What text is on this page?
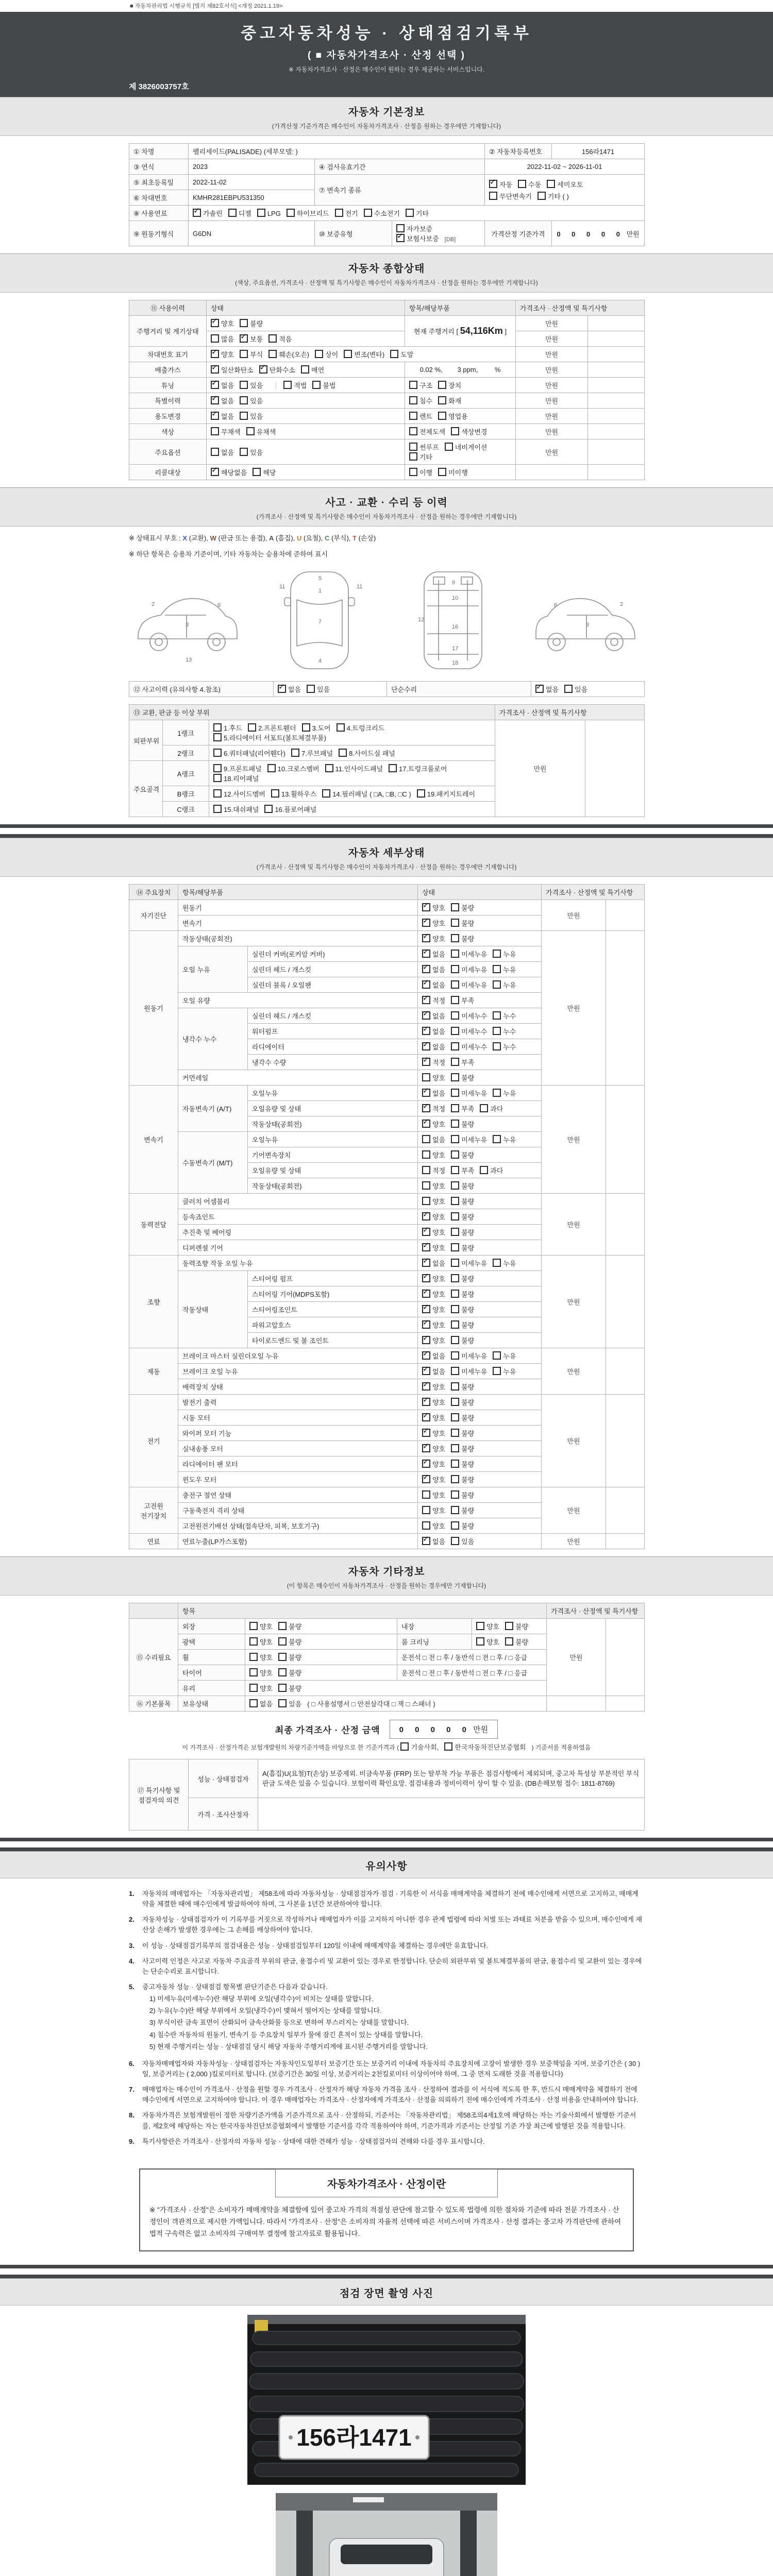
■ 자동차관리법 시행규칙 [별지 제82호서식] <개정 2021.1.19>
중고자동차성능 · 상태점검기록부
( ■ 자동차가격조사 · 산정 선택 )
※ 자동차가격조사 · 산정은 매수인이 원하는 경우 제공하는 서비스입니다.
제 3826003757호
자동차 기본정보
(가격산정 기준가격은 매수인이 자동차가격조사 · 산정을 원하는 경우에만 기재합니다)
① 차명	팰리세이드(PALISADE) (세부모델: )			② 자동차등록번호	156라1471
③ 연식	2023	④ 검사유효기간		2022-11-02 ~ 2026-11-01	
⑤ 최초등록일	2022-11-02	⑦ 변속기 종류	
✓자동 수동 세미오토
무단변속기 기타 ( )

⑥ 차대번호	KMHR281EBPU531350				
⑧ 사용연료	✓가솔린 디젤 LPG 하이브리드 전기 수소전기 기타
⑨ 원동기형식	G6DN	⑩ 보증유형	자가보증✓보험사보증 [DB]	가격산정 기준가격	0 0 0 0 0 만원
자동차 종합상태
(색상, 주요옵션, 가격조사 · 산정액 및 특기사항은 매수인이 자동차가격조사 · 산정을 원하는 경우에만 기재합니다)
⑪ 사용이력	상태	항목/해당부품	가격조사 · 산정액 및 특기사항	
주행거리 및 계기상태	✓양호 불량	현재 주행거리 [ 54,116Km ]	만원	
	많음 ✓ 보통 적음		만원	
차대번호 표기	✓양호 부식 훼손(오손) 상이 변조(변타) 도말		만원	
배출가스	✓일산화탄소 ✓ 탄화수소 매연	0.02 %,        3 ppm,         %	만원	
튜닝	✓없음 있음 적법 불법	구조 장치	만원	
특별이력	✓없음 있음	침수 화재	만원	
용도변경	✓없음 있음	렌트 영업용	만원	
색상	무채색 유채색	전체도색 색상변경	만원	
주요옵션	없음 있음	썬루프 네비게이션기타	만원	
리콜대상	✓해당없음 해당	이행 미이행		
사고 · 교환 · 수리 등 이력
(가격조사 · 산정액 및 특기사항은 매수인이 자동차가격조사 · 산정을 원하는 경우에만 기재합니다)
※ 상태표시 부호 : X (교환), W (판금 또는 용접), A (흠집), U (요철), C (부식), T (손상)
※ 하단 항목은 승용차 기준이며, 기타 자동차는 승용차에 준하여 표시
2
3
6
13
5
1
7
4
11	11
9
10
12
16
17
18
2
3
6
⑫ 사고이력 (유의사항 4.참조)	✓없음 있음	단순수리	✓없음 있음
⑬ 교환, 판금 등 이상 부위			가격조사 · 산정액 및 특기사항	
외판부위	1랭크	1.후드 2.프론트휀더 3.도어 4.트렁크리드5.라디에이터 서포트(볼트체결부품)	만원	
	2랭크	6.쿼터패널(리어휀다) 7.루브패널 8.사이드실 패널		
주요골격	A랭크	9.프론트패널 10.크로스멤버 11.인사이드패널 17.트렁크플로어18.리어패널		
	B랭크	12.사이드멤버 13.휠하우스 14.필러패널 ( □A, □B, □C ) 19.패키지트레이		
	C랭크	15.대쉬패널 16.플로어패널		
자동차 세부상태
(가격조사 · 산정액 및 특기사항은 매수인이 자동차가격조사 · 산정을 원하는 경우에만 기재합니다)
⑭ 주요장치	항목/해당부품		상태	가격조사 · 산정액 및 특기사항	
자기진단	원동기	✓양호 불량	만원	
	변속기	✓양호 불량
원동기	작동상태(공회전)	✓양호 불량	만원	
	오일 누유	실린더 커버(로커암 커버)	✓없음 미세누유 누유
		실린더 헤드 / 개스킷	✓없음 미세누유 누유
		실린더 블록 / 오일팬	✓없음 미세누유 누유
	오일 유량	✓적정 부족
	냉각수 누수	실린더 헤드 / 개스킷	✓없음 미세누수 누수
		워터펌프	✓없음 미세누수 누수
		라디에이터	✓없음 미세누수 누수
		냉각수 수량	✓적정 부족
	커먼레일		양호 불량		
변속기	자동변속기 (A/T)	오일누유	✓없음 미세누유 누유	만원	
		오일유량 및 상태	✓적정 부족 과다
		작동상태(공회전)	✓양호 불량
	수동변속기 (M/T)	오일누유	없음 미세누유 누유		
		기어변속장치	양호 불량		
		오일유량 및 상태	적정 부족 과다		
		작동상태(공회전)	양호 불량		
동력전달	클러치 어셈블리		양호 불량	만원	
	등속죠인트	✓양호 불량
	추진축 및 베어링	✓양호 불량
	디퍼렌셜 기어	✓양호 불량
조향	동력조향 작동 오일 누유	✓없음 미세누유 누유	만원	
	작동상태	스티어링 펌프	✓양호 불량
		스티어링 기어(MDPS포함)	✓양호 불량
		스티어링조인트	✓양호 불량
		파워고압호스	✓양호 불량
		타이로드엔드 및 볼 조인트	✓양호 불량
제동	브레이크 마스터 실린더오일 누유	✓없음 미세누유 누유	만원	
	브레이크 오일 누유	✓없음 미세누유 누유
	배력장치 상태	✓양호 불량
전기	발전기 출력	✓양호 불량	만원	
	시동 모터	✓양호 불량
	와이퍼 모터 기능	✓양호 불량
	실내송풍 모터	✓양호 불량
	라디에이터 팬 모터	✓양호 불량
	윈도우 모터	✓양호 불량
고전원 전기장치	충전구 절연 상태		양호 불량	만원	
	구동축전지 격리 상태		양호 불량		
	고전원전기배선 상태(접속단자, 피복, 보호기구)		양호 불량		
연료	연료누출(LP가스포함)	✓없음 있음	만원	
자동차 기타정보
(이 항목은 매수인이 자동차가격조사 · 산정을 원하는 경우에만 기재합니다)
	항목				가격조사 · 산정액 및 특기사항	
⑮ 수리필요	외장	양호 불량	내장	양호 불량	만원	
	광택	양호 불량	룸 크리닝	양호 불량		
	휠	양호 불량	운전석 □ 전 □ 후 / 동반석 □ 전 □ 후 / □ 응급			
	타이어	양호 불량	운전석 □ 전 □ 후 / 동반석 □ 전 □ 후 / □ 응급			
	유리	양호 불량				
⑯ 기본품목	보유상태	없음 있음 ( □ 사용설명서 □ 안전삼각대 □ 잭 □ 스패너 )				
최종 가격조사 · 산정 금액	0 0 0 0 0 만원
이 가격조사 · 산정가격은 보험개발원의 차량기준가액을 바탕으로 한 기준가격과 ( 기술사회, 한국자동차진단보증협회 ) 기준서를 적용하였음
⑰ 특기사항 및 점검자의 의견	성능 · 상태점검자	A(흠집)U(요철)T(손상) 보증제외. 비금속부품 (FRP) 또는 탈부착 가능 부품은 점검사항에서 제외되며, 중고차 특성상 부분적인 부식 판금 도색은 있을 수 있습니다. 보험이력 확인요망. 점검내용과 정비이력이 상이 할 수 있음. (DB손해보험 접수: 1811-8769)
	가격 · 조사산정자	
유의사항
1.	자동차의 매매업자는 「자동차관리법」 제58조에 따라 자동차성능 · 상태점검자가 점검 · 기록한 이 서식을 매매계약을 체결하기 전에 매수인에게 서면으로 고지하고, 매매계약을 체결한 때에 매수인에게 발급하여야 하며, 그 사본을 1년간 보관하여야 합니다.
2.	자동차성능 · 상태점검자가 이 기록부를 거짓으로 작성하거나 매매업자가 이를 고지하지 아니한 경우 관계 법령에 따라 처벌 또는 과태료 처분을 받을 수 있으며, 매수인에게 재산상 손해가 발생한 경우에는 그 손해를 배상하여야 합니다.
3.	이 성능 · 상태점검기록부의 점검내용은 성능 · 상태점검일부터 120일 이내에 매매계약을 체결하는 경우에만 유효합니다.
4.	사고이력 인정은 사고로 자동차 주요골격 부위의 판금, 용접수리 및 교환이 있는 경우로 한정합니다. 단순히 외판부위 및 볼트체결부품의 판금, 용접수리 및 교환이 있는 경우에는 단순수리로 표시합니다.
5.	중고자동차 성능 · 상태점검 항목별 판단기준은 다음과 같습니다.
1) 미세누유(미세누수)란 해당 부위에 오일(냉각수)이 비치는 상태를 말합니다.
2) 누유(누수)란 해당 부위에서 오일(냉각수)이 맺혀서 떨어지는 상태를 말합니다.
3) 부식이란 금속 표면이 산화되어 금속산화물 등으로 변하여 부스러지는 상태를 말합니다.
4) 침수란 자동차의 원동기, 변속기 등 주요장치 일부가 물에 잠긴 흔적이 있는 상태를 말합니다.
5) 현재 주행거리는 성능 · 상태점검 당시 해당 자동차 주행거리계에 표시된 주행거리를 말합니다.
6.	자동차매매업자와 자동차성능 · 상태점검자는 자동차인도일부터 보증기간 또는 보증거리 이내에 자동차의 주요장치에 고장이 발생한 경우 보증책임을 지며, 보증기간은 ( 30 )일, 보증거리는 ( 2,000 )킬로미터로 합니다. (보증기간은 30일 이상, 보증거리는 2천킬로미터 이상이어야 하며, 그 중 먼저 도래한 것을 적용합니다)
7.	매매업자는 매수인이 가격조사 · 산정을 원할 경우 가격조사 · 산정자가 해당 자동차 가격을 조사 · 산정하여 결과를 이 서식에 적도록 한 후, 반드시 매매계약을 체결하기 전에 매수인에게 서면으로 고지하여야 합니다. 이 경우 매매업자는 가격조사 · 산정자에게 가격조사 · 산정을 의뢰하기 전에 매수인에게 가격조사 · 산정 비용을 안내하여야 합니다.
8.	자동차가격은 보험개발원이 정한 차량기준가액을 기준가격으로 조사 · 산정하되, 기준서는 「자동차관리법」 제58조의4제1호에 해당하는 자는 기술사회에서 발행한 기준서를, 제2호에 해당하는 자는 한국자동차진단보증협회에서 발행한 기준서를 각각 적용하여야 하며, 기준가격과 기준서는 산정일 기준 가장 최근에 발행된 것을 적용합니다.
9.	특기사항란은 가격조사 · 산정자의 자동차 성능 · 상태에 대한 견해가 성능 · 상태점검자의 견해와 다를 경우 표시합니다.
자동차가격조사 · 산정이란
※ "가격조사 · 산정"은 소비자가 매매계약을 체결함에 있어 중고차 가격의 적절성 판단에 참고할 수 있도록 법령에 의한 절차와 기준에 따라 전문 가격조사 · 산정인이 객관적으로 제시한 가액입니다. 따라서 "가격조사 · 산정"은 소비자의 자율적 선택에 따른 서비스이며 가격조사 · 산정 결과는 중고차 가격판단에 관하여 법적 구속력은 없고 소비자의 구매여부 결정에 참고자료로 활용됩니다.
점검 장면 촬영 사진
156라1471
